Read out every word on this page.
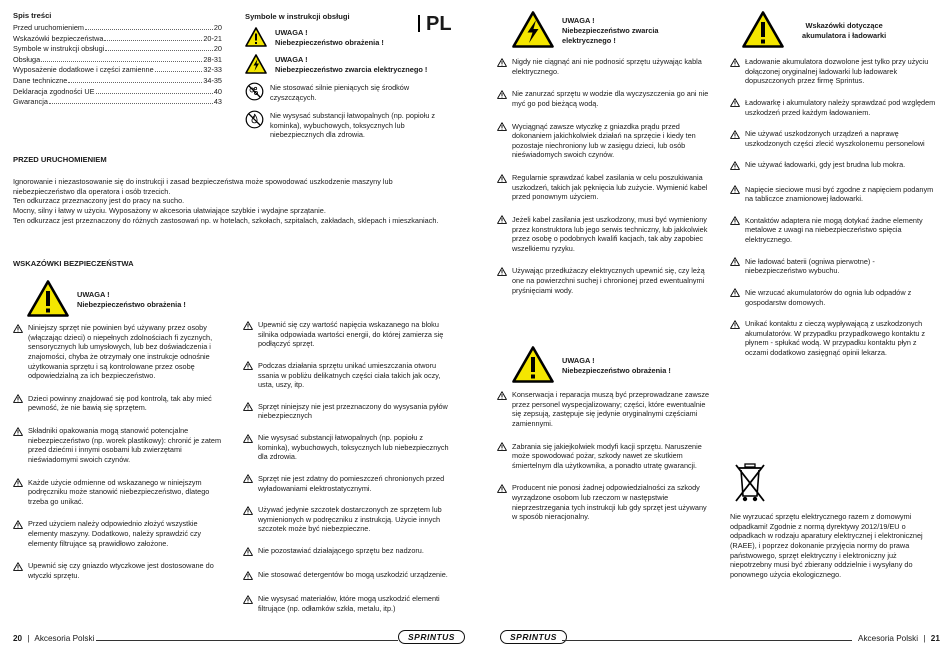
Spis treści
Przed uruchomieniem	20
Wskazówki bezpieczeństwa	20-21
Symbole w instrukcji obsługi	20
Obsługa	28-31
Wyposażenie dodatkowe i części zamienne	32-33
Dane techniczne	34-35
Deklaracja zgodności UE	40
Gwarancja	43
Symbole w instrukcji obsługi
UWAGA !
Niebezpieczeństwo obrażenia !
UWAGA !
Niebezpieczeństwo zwarcia elektrycznego !
Nie stosować silnie pieniących się środków czyszczących.
Nie wysysać substancji łatwopalnych (np. popiołu z kominka), wybuchowych, toksycznych lub niebezpiecznych dla zdrowia.
PL
PRZED URUCHOMIENIEM
Ignorowanie i niezastosowanie się do instrukcji i zasad bezpieczeństwa może spowodować uszkodzenie maszyny lub
niebezpieczeństwo dla operatora i osób trzecich.
Ten odkurzacz przeznaczony jest do pracy na sucho.
Mocny, silny i łatwy w użyciu. Wyposażony w akcesoria ułatwiające szybkie i wydajne sprzątanie.
Ten odkurzacz jest przeznaczony do różnych zastosowań np. w hotelach, szkołach, szpitalach, zakładach, sklepach i mieszkaniach.
WSKAZÓWKI BEZPIECZEŃSTWA
UWAGA !
Niebezpieczeństwo obrażenia !
Niniejszy sprzęt nie powinien być używany przez osoby (włączając dzieci) o niepełnych zdolnościach fi zycznych, sensorycznych lub umysłowych, lub bez doświadczenia i znajomości, chyba że otrzymały one instrukcje odnośnie użytkowania sprzętu i są kontrolowane przez osobę odpowiedzialną za ich bezpieczeństwo.
Dzieci powinny znajdować się pod kontrolą, tak aby mieć pewność, że nie bawią się sprzętem.
Składniki opakowania mogą stanowić potencjalne niebezpieczeństwo (np. worek plastikowy): chronić je zatem przed dziećmi i innymi osobami lub zwierzętami nieświadomymi swoich czynów.
Każde użycie odmienne od wskazanego w niniejszym podręczniku może stanowić niebezpieczeństwo, dlatego trzeba go unikać.
Przed użyciem należy odpowiednio złożyć wszystkie elementy maszyny. Dodatkowo, należy sprawdzić czy elementy filtrujące są prawidłowo założone.
Upewnić się czy gniazdo wtyczkowe jest dostosowane do wtyczki sprzętu.
Upewnić się czy wartość napięcia wskazanego na bloku silnika odpowiada wartości energii, do której zamierza się podłączyć sprzęt.
Podczas działania sprzętu unikać umieszczania otworu ssania w pobliżu delikatnych części ciała takich jak oczy, usta, uszy, itp.
Sprzęt niniejszy nie jest przeznaczony do wysysania pyłów niebezpiecznych
Nie wysysać substancji łatwopalnych (np. popiołu z kominka), wybuchowych, toksycznych lub niebezpiecznych dla zdrowia.
Sprzęt nie jest zdatny do pomieszczeń chronionych przed wyładowaniami elektrostatycznymi.
Używać jedynie szczotek dostarczonych ze sprzętem lub wymienionych w podręczniku z instrukcją. Użycie innych szczotek może być niebezpieczne.
Nie pozostawiać działającego sprzętu bez nadzoru.
Nie stosować detergentów bo mogą uszkodzić urządzenie.
Nie wysysać materiałów, które mogą uszkodzić elementi filtrujące (np. odłamków szkła, metalu, itp.)
UWAGA !
Niebezpieczeństwo zwarcia
elektrycznego !
Nigdy nie ciągnąć ani nie podnosić sprzętu używając kabla elektrycznego.
Nie zanurzać sprzętu w wodzie dla wyczyszczenia go ani nie myć go pod bieżącą wodą.
Wyciągnąć zawsze wtyczkę z gniazdka prądu przed dokonaniem jakichkolwiek działań na sprzęcie i kiedy ten pozostaje niechroniony lub w zasięgu dzieci, lub osób nieświadomych swoich czynów.
Regularnie sprawdzać kabel zasilania w celu poszukiwania uszkodzeń, takich jak pęknięcia lub zużycie. Wymienić kabel przed ponownym użyciem.
Jeżeli kabel zasilania jest uszkodzony, musi być wymieniony przez konstruktora lub jego serwis techniczny, lub jakkolwiek przez osobę o podobnych kwalifi kacjach, tak aby zapobiec wszelkiemu ryzyku.
Używając przedłużaczy elektrycznych upewnić się, czy leżą one na powierzchni suchej i chronionej przed ewentualnymi pryśnięciami wody.
UWAGA !
Niebezpieczeństwo obrażenia !
Konserwacja i reparacja muszą być przeprowadzane zawsze przez personel wyspecjalizowany; części, które ewentualnie się zepsują, zastępuje się jedynie oryginalnymi częściami zamiennymi.
Zabrania się jakiejkolwiek modyfi kacji sprzętu. Naruszenie może spowodować pożar, szkody nawet ze skutkiem śmiertelnym dla użytkownika, a ponadto utratę gwarancji.
Producent nie ponosi żadnej odpowiedzialności za szkody wyrządzone osobom lub rzeczom w następstwie nieprzestrzegania tych instrukcji lub gdy sprzęt jest używany w sposób nieracjonalny.
Wskazówki dotyczące
akumulatora i ładowarki
Ładowanie akumulatora dozwolone jest tylko przy użyciu dołączonej oryginalnej ładowarki lub ładowarek dopuszczonych przez firmę Sprintus.
Ładowarkę i akumulatory należy sprawdzać pod względem uszkodzeń przed każdym ładowaniem.
Nie używać uszkodzonych urządzeń a naprawę uszkodzonych części zlecić wyszkolonemu personelowi
Nie używać ładowarki, gdy jest brudna lub mokra.
Napięcie sieciowe musi być zgodne z napięciem podanym na tabliczce znamionowej ładowarki.
Kontaktów adaptera nie mogą dotykać żadne elementy metalowe z uwagi na niebezpieczeństwo spięcia elektrycznego.
Nie ładować baterii (ogniwa pierwotne) - niebezpieczeństwo wybuchu.
Nie wrzucać akumulatorów do ognia lub odpadów z gospodarstw domowych.
Unikać kontaktu z cieczą wypływającą z uszkodzonych akumulatorów. W przypadku przypadkowego kontaktu z płynem - spłukać wodą. W przypadku kontaktu płyn z oczami dodatkowo zasięgnąć opinii lekarza.
Nie wyrzucać sprzętu elektrycznego razem z domowymi odpadkami! Zgodnie z normą dyrektywy 2012/19/EU o odpadkach w rodzaju aparatury elektrycznej i elektronicznej (RAEE), i poprzez dokonanie przyjęcia normy do prawa państwowego, sprzęt elektryczny i elektroniczny już niepotrzebny musi być zbierany oddzielnie i wysyłany do ponownego użycia ekologicznego.
20 | Akcesoria Polski	SPRINTUS	SPRINTUS	Akcesoria Polski | 21
